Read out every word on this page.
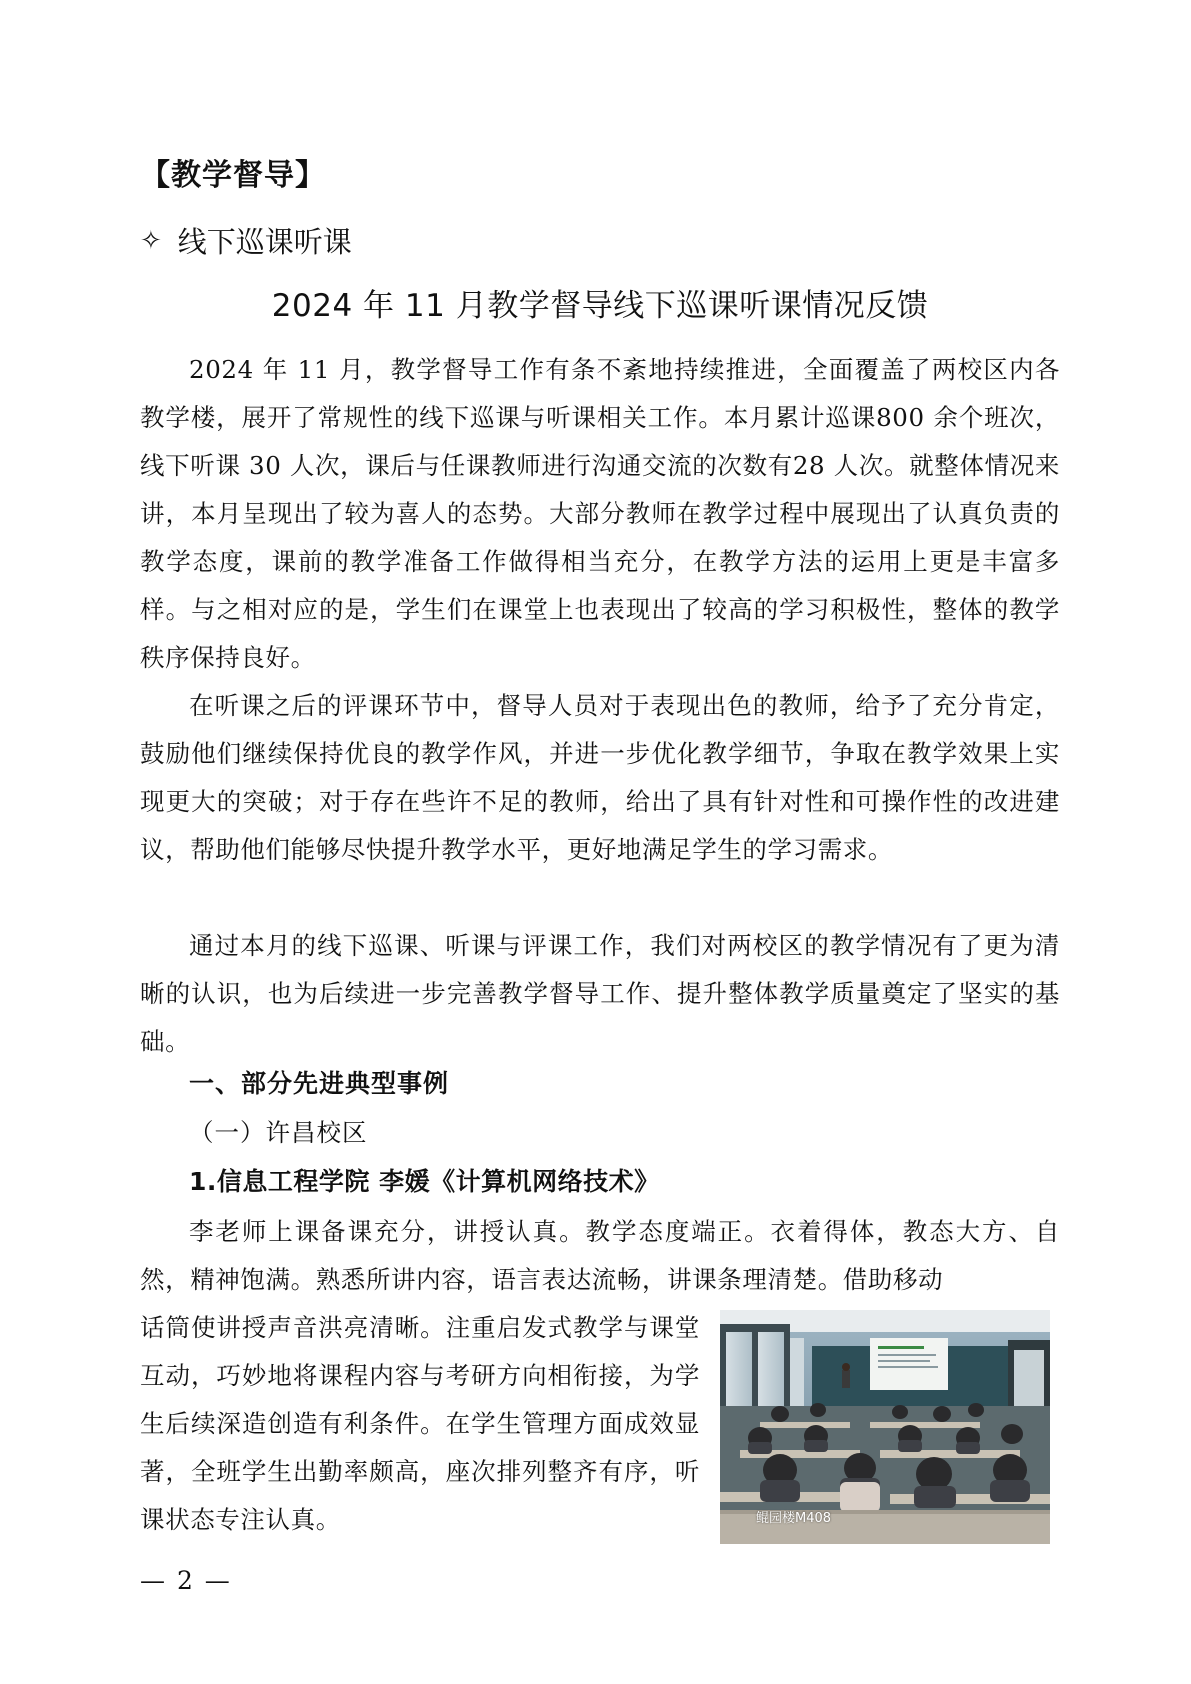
【教学督导】
✧ 线下巡课听课
2024 年 11 月教学督导线下巡课听课情况反馈

2024 年 11 月，教学督导工作有条不紊地持续推进，全面覆盖了两校区内各教学楼，展开了常规性的线下巡课与听课相关工作。本月累计巡课800 余个班次，线下听课 30 人次，课后与任课教师进行沟通交流的次数有28 人次。就整体情况来讲，本月呈现出了较为喜人的态势。大部分教师在教学过程中展现出了认真负责的教学态度，课前的教学准备工作做得相当充分，在教学方法的运用上更是丰富多样。与之相对应的是，学生们在课堂上也表现出了较高的学习积极性，整体的教学秩序保持良好。

在听课之后的评课环节中，督导人员对于表现出色的教师，给予了充分肯定，鼓励他们继续保持优良的教学作风，并进一步优化教学细节，争取在教学效果上实现更大的突破；对于存在些许不足的教师，给出了具有针对性和可操作性的改进建议，帮助他们能够尽快提升教学水平，更好地满足学生的学习需求。

通过本月的线下巡课、听课与评课工作，我们对两校区的教学情况有了更为清晰的认识，也为后续进一步完善教学督导工作、提升整体教学质量奠定了坚实的基础。

一、部分先进典型事例
（一）许昌校区
1.信息工程学院 李媛《计算机网络技术》

李老师上课备课充分，讲授认真。教学态度端正。衣着得体，教态大方、自然，精神饱满。熟悉所讲内容，语言表达流畅，讲课条理清楚。借助移动

话筒使讲授声音洪亮清晰。注重启发式教学与课堂互动，巧妙地将课程内容与考研方向相衔接，为学生后续深造创造有利条件。在学生管理方面成效显著，全班学生出勤率颇高，座次排列整齐有序，听课状态专注认真。	鲲园楼M408
— 2 —
